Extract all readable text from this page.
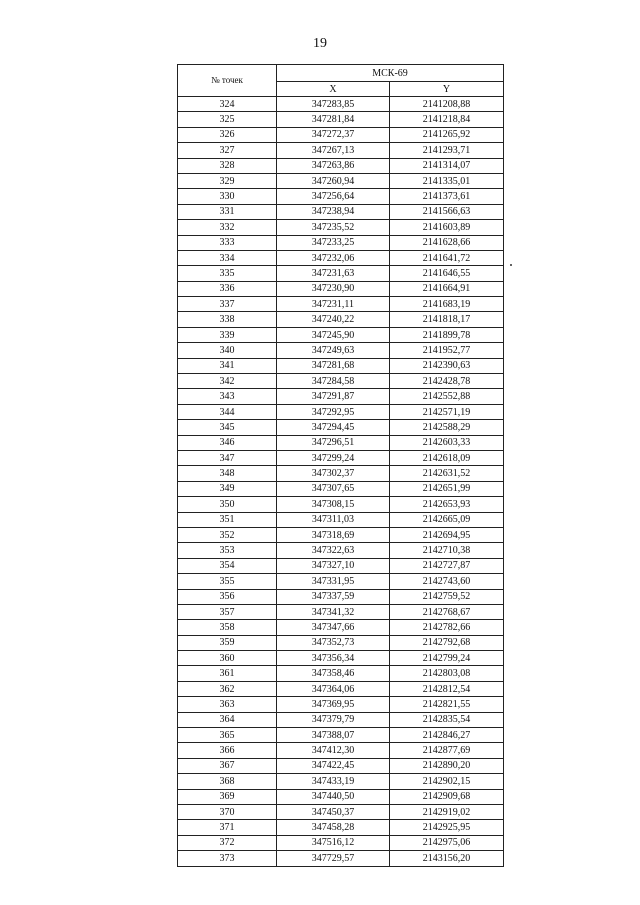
19
№ точек	МСК-69	
	X	Y
324	347283,85	2141208,88
325	347281,84	2141218,84
326	347272,37	2141265,92
327	347267,13	2141293,71
328	347263,86	2141314,07
329	347260,94	2141335,01
330	347256,64	2141373,61
331	347238,94	2141566,63
332	347235,52	2141603,89
333	347233,25	2141628,66
334	347232,06	2141641,72
335	347231,63	2141646,55
336	347230,90	2141664,91
337	347231,11	2141683,19
338	347240,22	2141818,17
339	347245,90	2141899,78
340	347249,63	2141952,77
341	347281,68	2142390,63
342	347284,58	2142428,78
343	347291,87	2142552,88
344	347292,95	2142571,19
345	347294,45	2142588,29
346	347296,51	2142603,33
347	347299,24	2142618,09
348	347302,37	2142631,52
349	347307,65	2142651,99
350	347308,15	2142653,93
351	347311,03	2142665,09
352	347318,69	2142694,95
353	347322,63	2142710,38
354	347327,10	2142727,87
355	347331,95	2142743,60
356	347337,59	2142759,52
357	347341,32	2142768,67
358	347347,66	2142782,66
359	347352,73	2142792,68
360	347356,34	2142799,24
361	347358,46	2142803,08
362	347364,06	2142812,54
363	347369,95	2142821,55
364	347379,79	2142835,54
365	347388,07	2142846,27
366	347412,30	2142877,69
367	347422,45	2142890,20
368	347433,19	2142902,15
369	347440,50	2142909,68
370	347450,37	2142919,02
371	347458,28	2142925,95
372	347516,12	2142975,06
373	347729,57	2143156,20
